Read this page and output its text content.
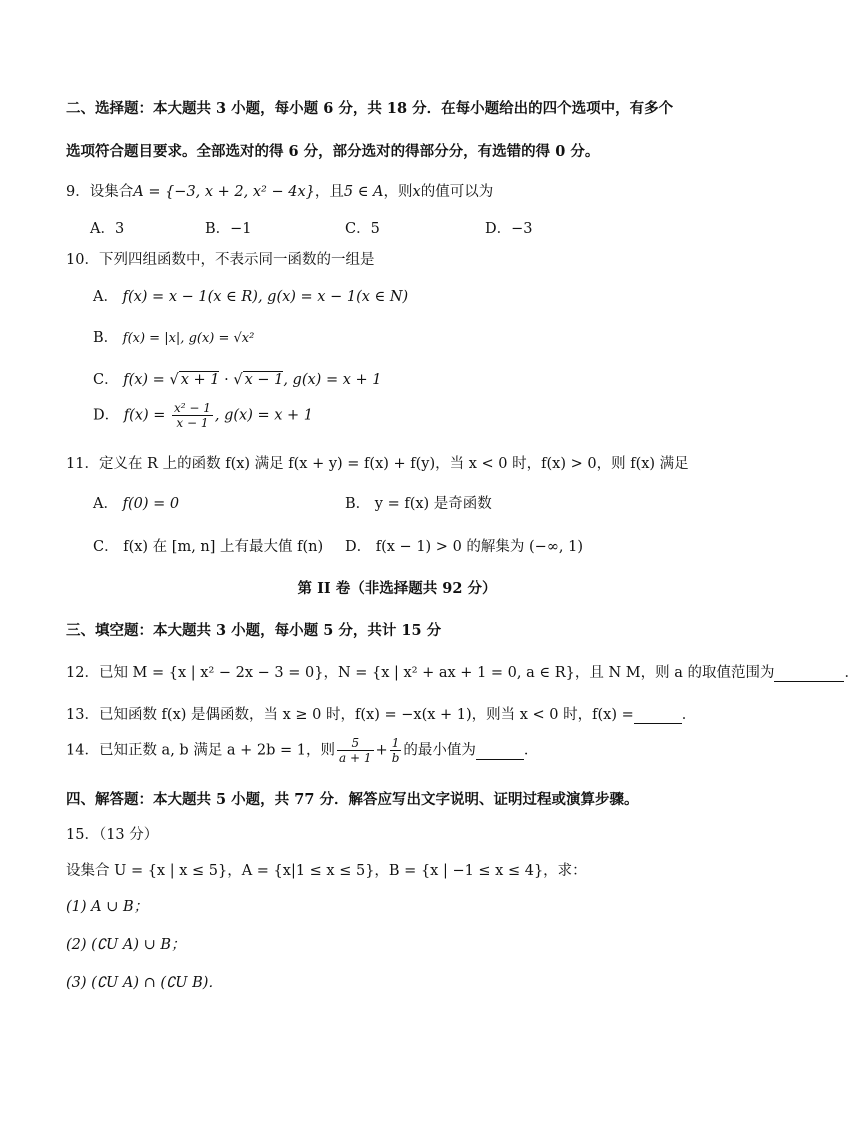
二、选择题：本大题共 3 小题，每小题 6 分，共 18 分．在每小题给出的四个选项中，有多个
选项符合题目要求。全部选对的得 6 分，部分选对的得部分分，有选错的得 0 分。
9．设集合A = {−3, x + 2, x² − 4x}，且5 ∈ A，则x的值可以为
A．3	B．−1	C．5	D．−3
10．下列四组函数中，不表示同一函数的一组是
A． f(x) = x − 1(x ∈ R), g(x) = x − 1(x ∈ N)
B． f(x) = |x|, g(x) = √x²
C． f(x) = √ x + 1 · √ x − 1, g(x) = x + 1
D． $f(x) = \frac{\text{x² − 1}}{x - 1}$ , g(x) = x + 1
11．定义在 R 上的函数 f(x) 满足 f(x + y) = f(x) + f(y)，当 x < 0 时，f(x) > 0，则 f(x) 满足
A． f(0) = 0	B． y = f(x) 是奇函数
C． f(x) 在 [m, n] 上有最大值 f(n) D． f(x − 1) > 0 的解集为 (−∞, 1)
第 II 卷（非选择题共 92 分）
三、填空题：本大题共 3 小题，每小题 5 分，共计 15 分
12．已知 M = {x | x² − 2x − 3 = 0}，N = {x | x² + ax + 1 = 0, a ∈ R}，且 N M，则 a 的取值范围为	．
13．已知函数 f(x) 是偶函数，当 x ≥ 0 时，f(x) = −x(x + 1)，则当 x < 0 时，f(x) =	．
14．已知正数 a, b 满足 a + 2b = 1，则 $\frac{5}{a + 1} + \frac{1}{b}$ 的最小值为	．
四、解答题：本大题共 5 小题，共 77 分．解答应写出文字说明、证明过程或演算步骤。
15．（13 分）
设集合 U = {x | x ≤ 5}，A = {x|1 ≤ x ≤ 5}，B = {x | −1 ≤ x ≤ 4}，求：
(1) A ∪ B；
(2) (∁U A) ∪ B；
(3) (∁U A) ∩ (∁U B)．
